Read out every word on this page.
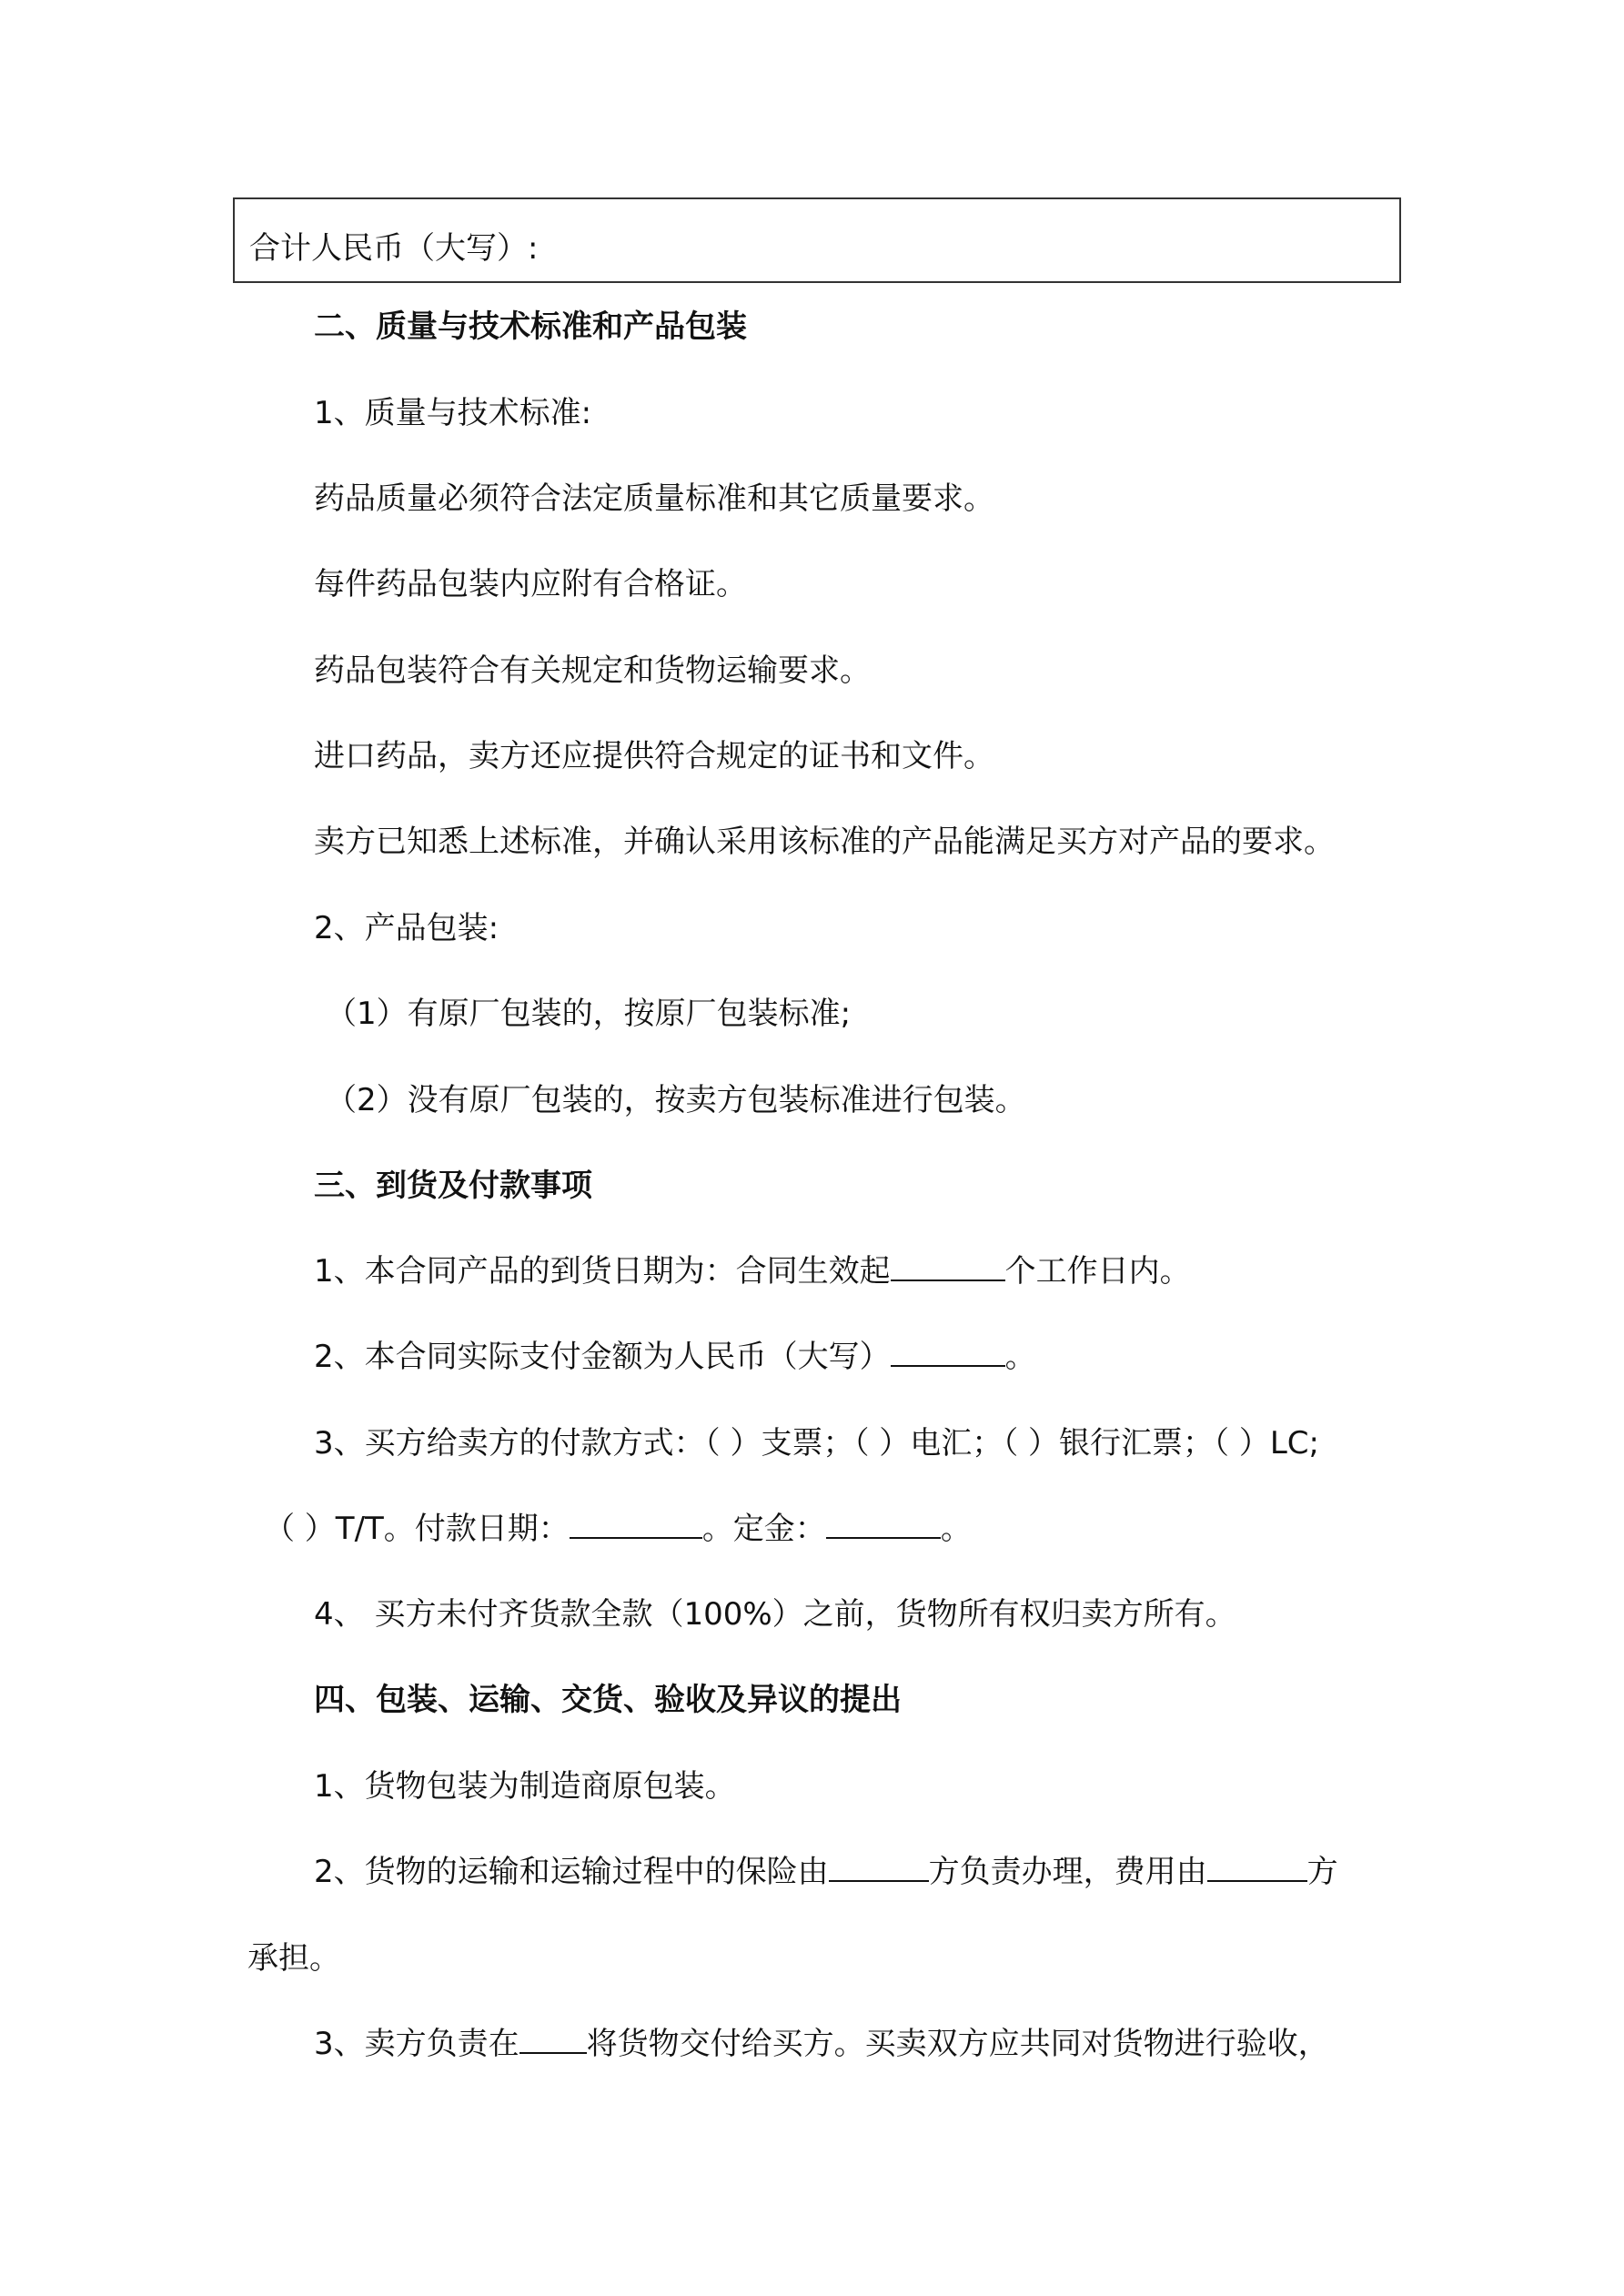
合计人民币（大写）:
二、质量与技术标准和产品包装
1、质量与技术标准:
药品质量必须符合法定质量标准和其它质量要求。
每件药品包装内应附有合格证。
药品包装符合有关规定和货物运输要求。
进口药品，卖方还应提供符合规定的证书和文件。
卖方已知悉上述标准，并确认采用该标准的产品能满足买方对产品的要求。
2、产品包装:
（1）有原厂包装的，按原厂包装标准;
（2）没有原厂包装的，按卖方包装标准进行包装。
三、到货及付款事项
1、本合同产品的到货日期为：合同生效起	个工作日内。
2、本合同实际支付金额为人民币（大写）	。
3、买方给卖方的付款方式：（ ）支票；（ ）电汇；（ ）银行汇票；（ ）LC;
（ ）T/T。付款日期：	。定金：	。
4、 买方未付齐货款全款（100%）之前，货物所有权归卖方所有。
四、包装、运输、交货、验收及异议的提出
1、货物包装为制造商原包装。
2、货物的运输和运输过程中的保险由	方负责办理，费用由	方
承担。
3、卖方负责在 将货物交付给买方。买卖双方应共同对货物进行验收，
